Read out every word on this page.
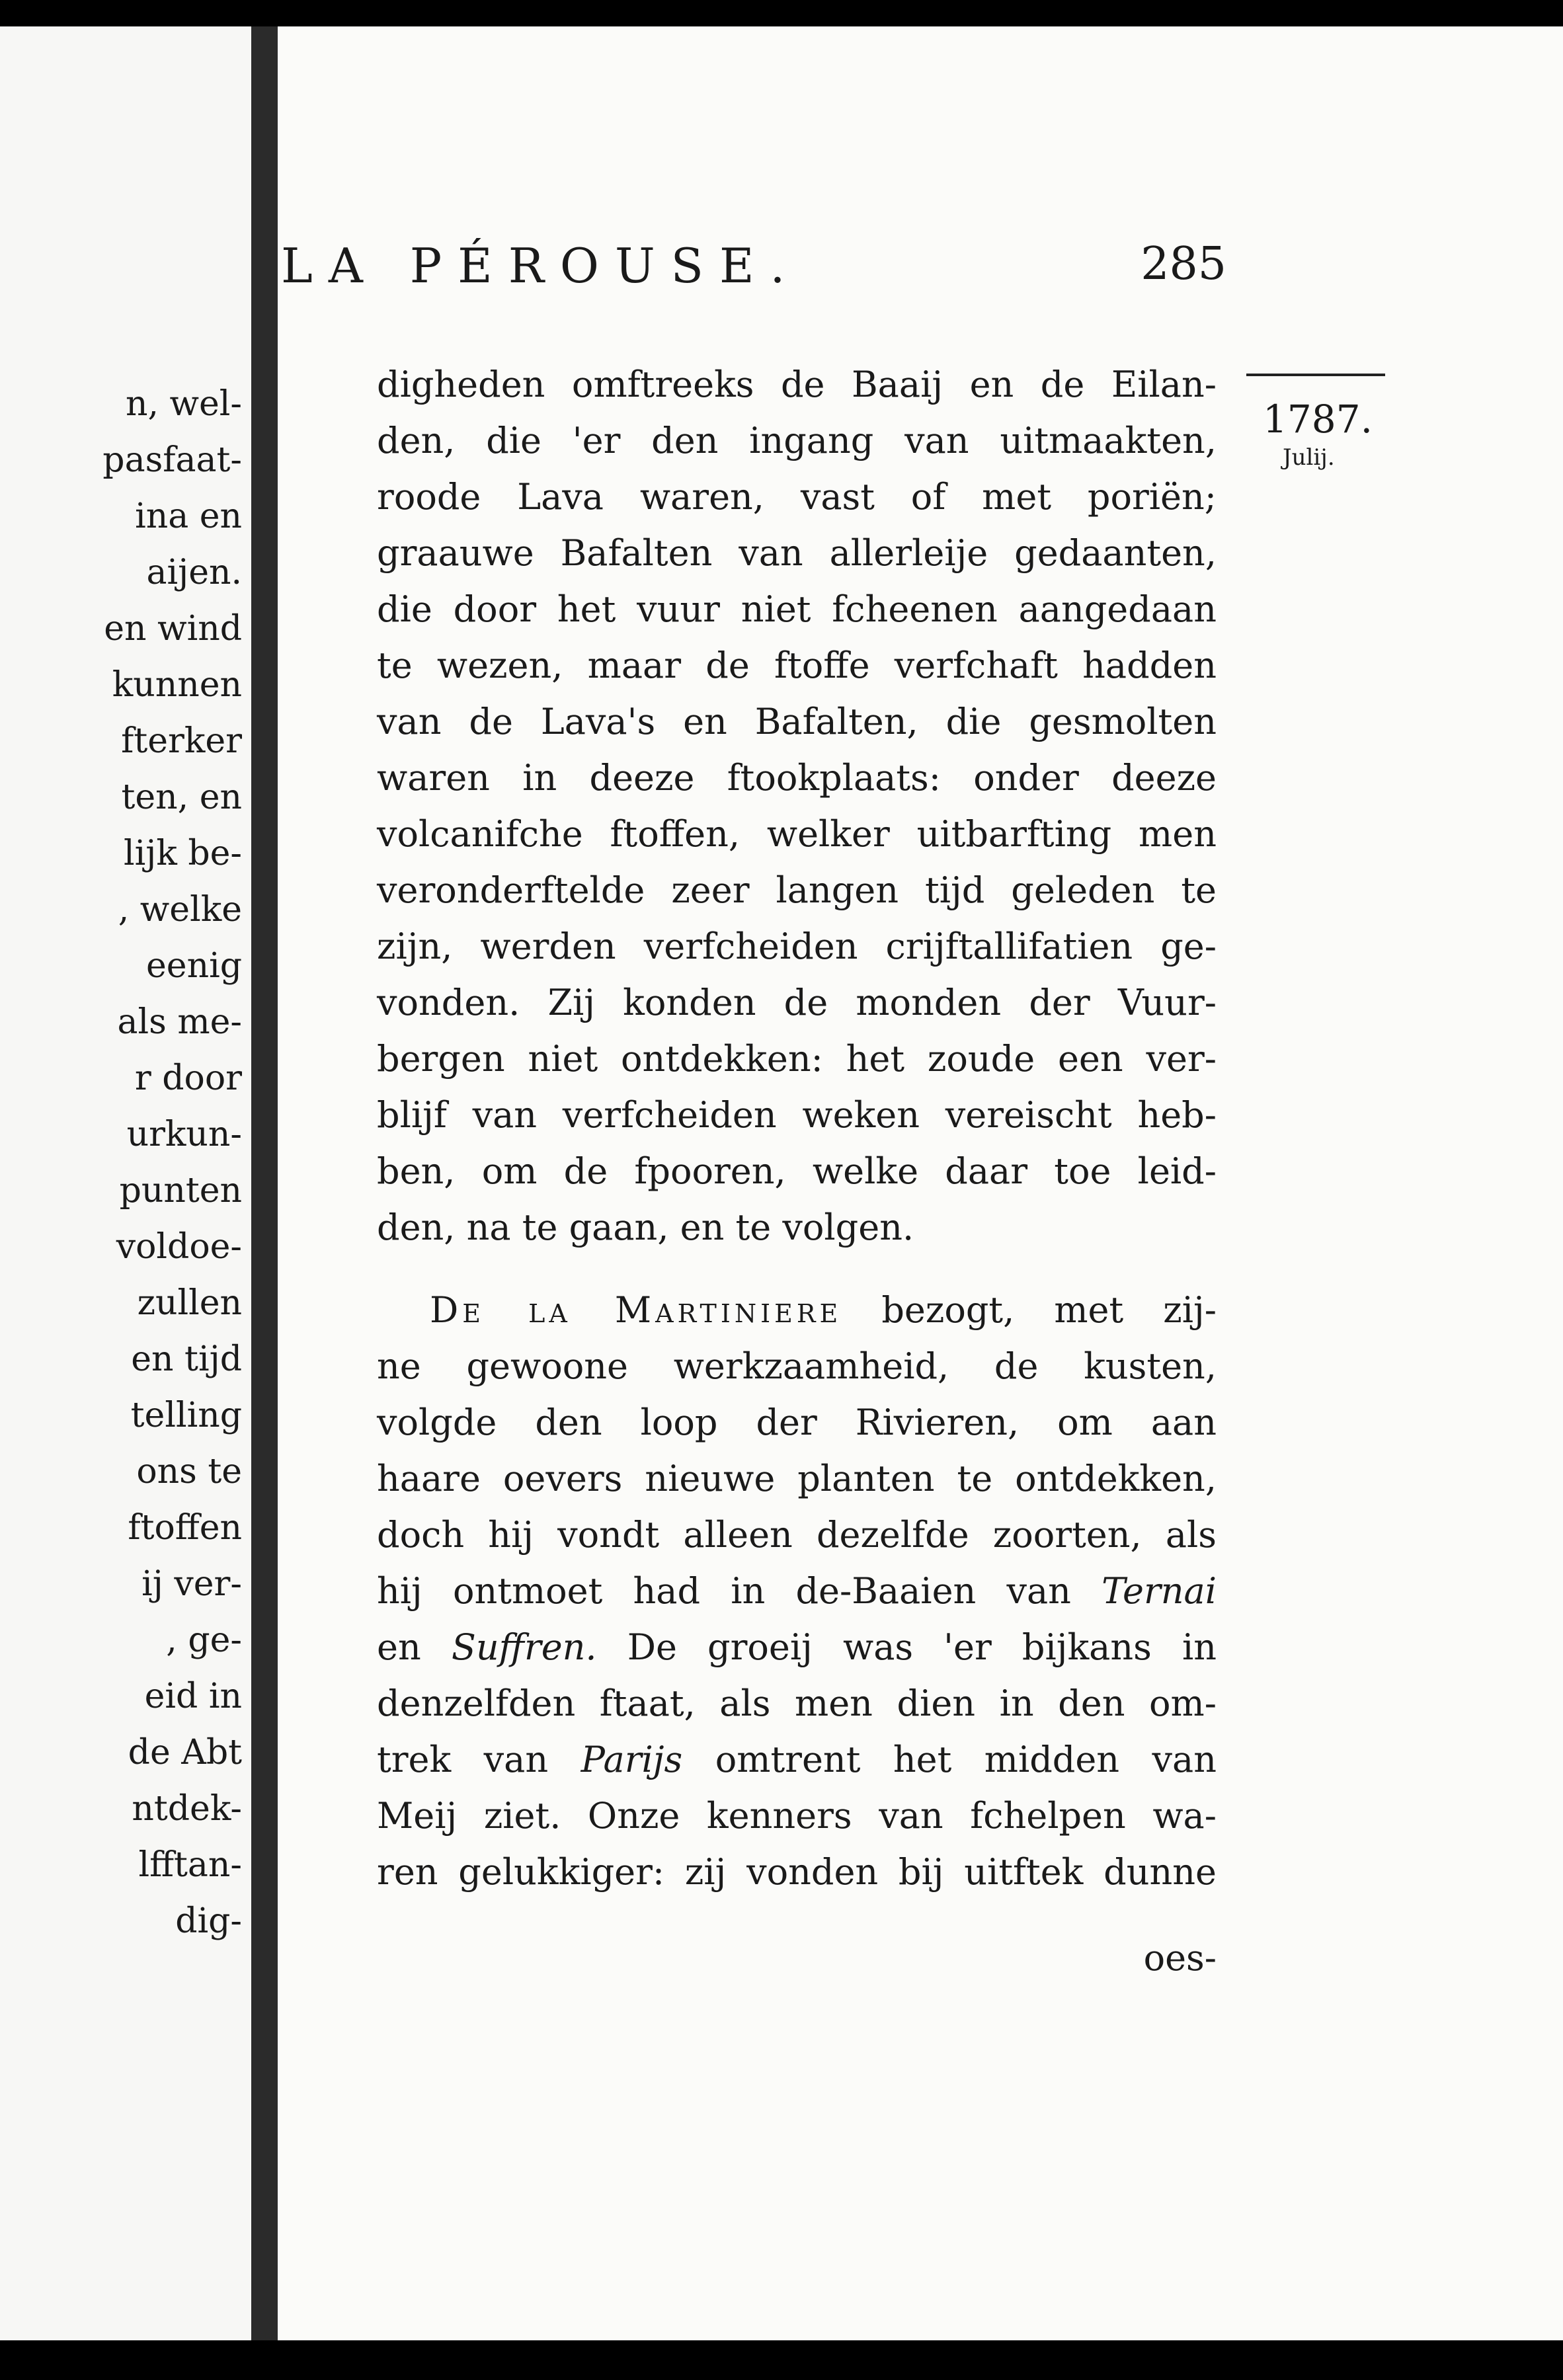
n, wel-
pasfaat-
ina en
aijen.
en wind
kunnen
fterker
ten, en
lijk be-
, welke
eenig
als me-
r door
urkun-
punten
voldoe-
zullen
en tijd
telling
ons te
ftoffen
ij ver-
, ge-
eid in
de Abt
ntdek-
lfftan-
dig-
LA PÉROUSE.	285
1787.
Julij.
digheden omftreeks de Baaij en de Eilan-
den, die 'er den ingang van uitmaakten,
roode Lava waren, vast of met poriën;
graauwe Bafalten van allerleije gedaanten,
die door het vuur niet fcheenen aangedaan
te wezen, maar de ftoffe verfchaft hadden
van de Lava's en Bafalten, die gesmolten
waren in deeze ftookplaats: onder deeze
volcanifche ftoffen, welker uitbarfting men
veronderftelde zeer langen tijd geleden te
zijn, werden verfcheiden crijftallifatien ge-
vonden. Zij konden de monden der Vuur-
bergen niet ontdekken: het zoude een ver-
blijf van verfcheiden weken vereischt heb-
ben, om de fpooren, welke daar toe leid-
den, na te gaan, en te volgen.
De la Martiniere bezogt, met zij-
ne gewoone werkzaamheid, de kusten,
volgde den loop der Rivieren, om aan
haare oevers nieuwe planten te ontdekken,
doch hij vondt alleen dezelfde zoorten, als
hij ontmoet had in de-Baaien van Ternai
en Suffren. De groeij was 'er bijkans in
denzelfden ftaat, als men dien in den om-
trek van Parijs omtrent het midden van
Meij ziet. Onze kenners van fchelpen wa-
ren gelukkiger: zij vonden bij uitftek dunne
oes-
